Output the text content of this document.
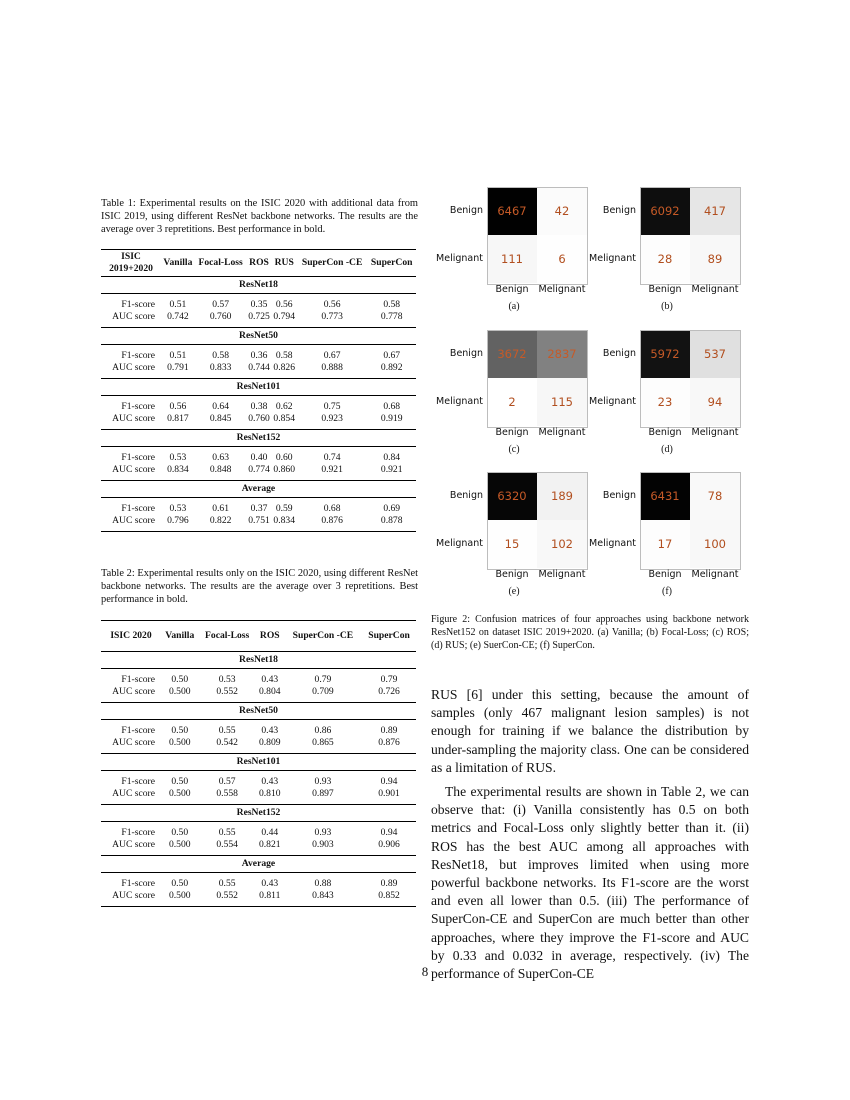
Table 1: Experimental results on the ISIC 2020 with additional data from ISIC 2019, using different ResNet backbone networks. The results are the average over 3 repretitions. Best performance in bold.
ISIC 2019+2020	Vanilla	Focal-Loss	ROS	RUS	SuperCon -CE	SuperCon
ResNet18						

F1-score	0.51	0.57	0.35	0.56	0.56	0.58
AUC score	0.742	0.760	0.725	0.794	0.773	0.778

ResNet50						

F1-score	0.51	0.58	0.36	0.58	0.67	0.67
AUC score	0.791	0.833	0.744	0.826	0.888	0.892

ResNet101						

F1-score	0.56	0.64	0.38	0.62	0.75	0.68
AUC score	0.817	0.845	0.760	0.854	0.923	0.919

ResNet152						

F1-score	0.53	0.63	0.40	0.60	0.74	0.84
AUC score	0.834	0.848	0.774	0.860	0.921	0.921

Average						

F1-score	0.53	0.61	0.37	0.59	0.68	0.69
AUC score	0.796	0.822	0.751	0.834	0.876	0.878

Table 2: Experimental results only on the ISIC 2020, using different ResNet backbone networks. The results are the average over 3 repretitions. Best performance in bold.
ISIC 2020	Vanilla	Focal-Loss	ROS	SuperCon -CE	SuperCon
ResNet18					

F1-score	0.50	0.53	0.43	0.79	0.79
AUC score	0.500	0.552	0.804	0.709	0.726

ResNet50					

F1-score	0.50	0.55	0.43	0.86	0.89
AUC score	0.500	0.542	0.809	0.865	0.876

ResNet101					

F1-score	0.50	0.57	0.43	0.93	0.94
AUC score	0.500	0.558	0.810	0.897	0.901

ResNet152					

F1-score	0.50	0.55	0.44	0.93	0.94
AUC score	0.500	0.554	0.821	0.903	0.906

Average					

F1-score	0.50	0.55	0.43	0.88	0.89
AUC score	0.500	0.552	0.811	0.843	0.852

6467	42
111	6
Benign
Melignant
Benign	Melignant
(a)
6092	417
28	89
Benign
Melignant
Benign	Melignant
(b)
3672	2837
2	115
Benign
Melignant
Benign	Melignant
(c)
5972	537
23	94
Benign
Melignant
Benign	Melignant
(d)
6320	189
15	102
Benign
Melignant
Benign	Melignant
(e)
6431	78
17	100
Benign
Melignant
Benign	Melignant
(f)
Figure 2: Confusion matrices of four approaches using backbone network ResNet152 on dataset ISIC 2019+2020. (a) Vanilla; (b) Focal-Loss; (c) ROS; (d) RUS; (e) SuerCon-CE; (f) SuperCon.

RUS [6] under this setting, because the amount of samples (only 467 malignant lesion samples) is not enough for training if we balance the distribution by under-sampling the majority class. One can be considered as a limitation of RUS.

The experimental results are shown in Table 2, we can observe that: (i) Vanilla consistently has 0.5 on both metrics and Focal-Loss only slightly better than it. (ii) ROS has the best AUC among all approaches with ResNet18, but improves limited when using more powerful backbone networks. Its F1-score are the worst and even all lower than 0.5. (iii) The performance of SuperCon-CE and SuperCon are much better than other approaches, where they improve the F1-score and AUC by 0.33 and 0.032 in average, respectively. (iv) The performance of SuperCon-CE

8
